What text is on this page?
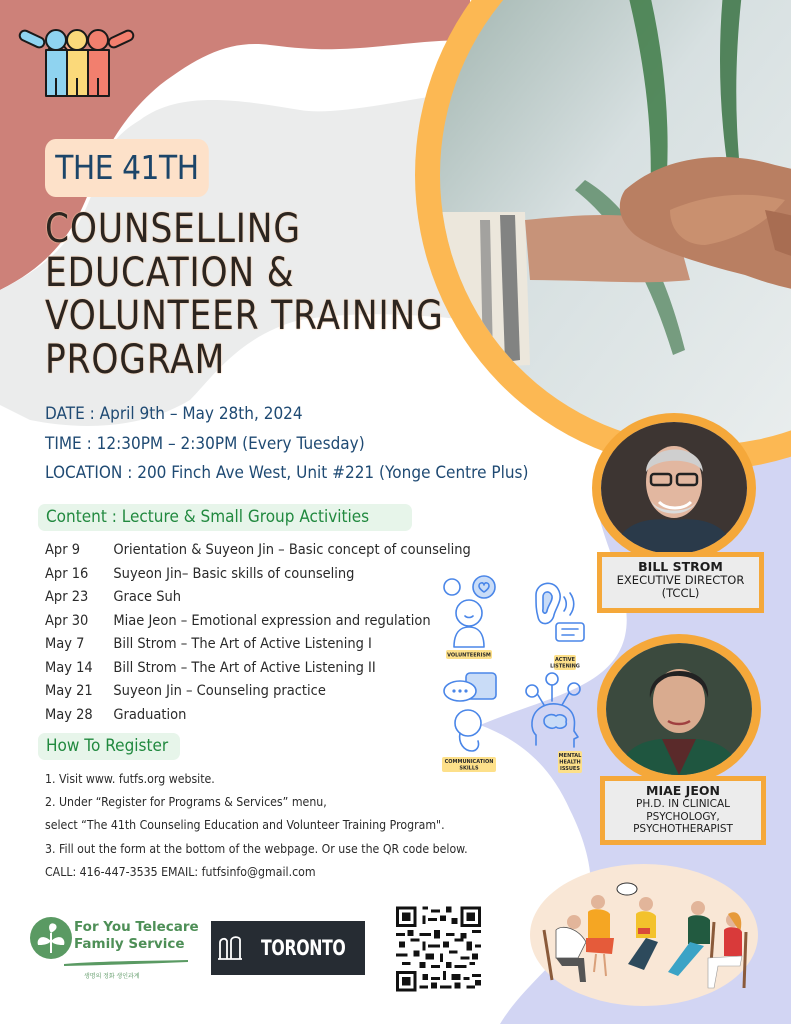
THE 41TH
COUNSELLING
EDUCATION &
VOLUNTEER TRAINING
PROGRAM
DATE : April 9th – May 28th, 2024
TIME : 12:30PM – 2:30PM (Every Tuesday)
LOCATION : 200 Finch Ave West, Unit #221 (Yonge Centre Plus)
Content : Lecture & Small Group Activities
Apr 9	Orientation & Suyeon Jin – Basic concept of counseling
Apr 16	Suyeon Jin– Basic skills of counseling
Apr 23	Grace Suh
Apr 30	Miae Jeon – Emotional expression and regulation
May 7	Bill Strom – The Art of Active Listening I
May 14	Bill Strom – The Art of Active Listening II
May 21	Suyeon Jin – Counseling practice
May 28	Graduation
How To Register
1. Visit www. futfs.org website.
2. Under “Register for Programs & Services” menu,
select “The 41th Counseling Education and Volunteer Training Program".
3. Fill out the form at the bottom of the webpage. Or use the QR code below.
CALL: 416-447-3535 EMAIL: futfsinfo@gmail.com
VOLUNTEERISM
ACTIVE
LISTENING
COMMUNICATION
SKILLS
MENTAL
HEALTH
ISSUES
BILL STROM
EXECUTIVE DIRECTOR
(TCCL)
MIAE JEON
PH.D. IN CLINICAL
PSYCHOLOGY,
PSYCHOTHERAPIST
For You Telecare
Family Service
생명의 정화 생인과계
TORONTO
